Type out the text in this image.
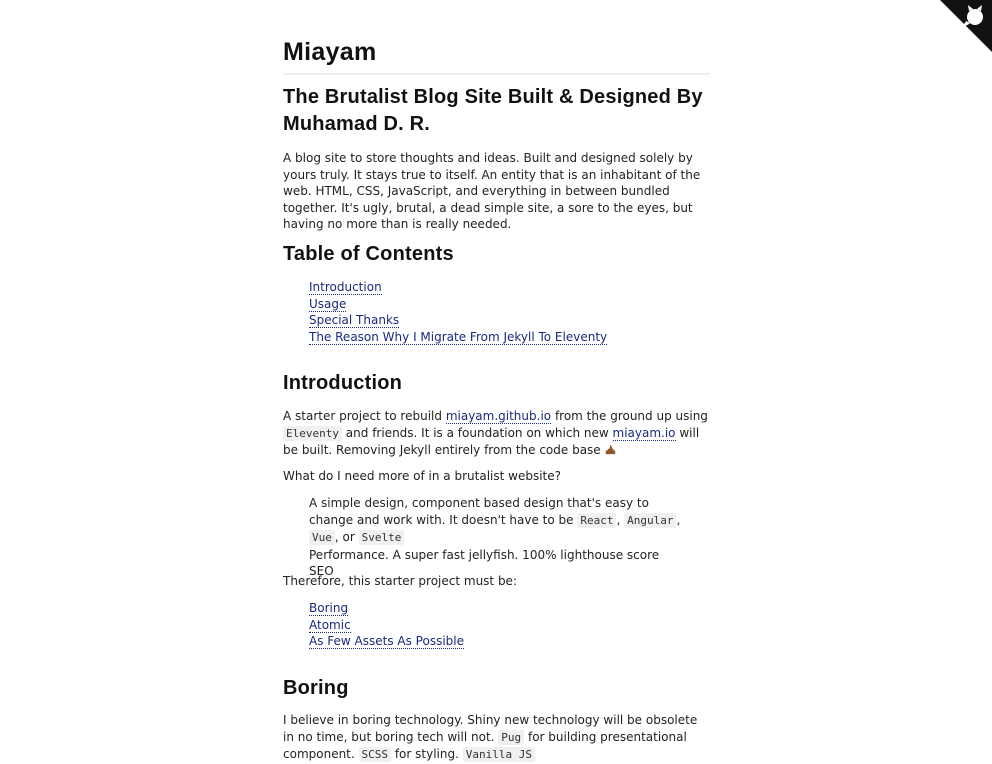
Miayam
The Brutalist Blog Site Built & Designed By Muhamad D. R.

A blog site to store thoughts and ideas. Built and designed solely by yours truly. It stays true to itself. An entity that is an inhabitant of the web. HTML, CSS, JavaScript, and everything in between bundled together. It's ugly, brutal, a dead simple site, a sore to the eyes, but having no more than is really needed.

Table of Contents
Introduction
Usage
Special Thanks
The Reason Why I Migrate From Jekyll To Eleventy
Introduction

A starter project to rebuild miayam.github.io from the ground up using Eleventy and friends. It is a foundation on which new miayam.io will be built. Removing Jekyll entirely from the code base

What do I need more of in a brutalist website?

A simple design, component based design that's easy to change and work with. It doesn't have to be React , Angular , Vue , or Svelte

Performance. A super fast jellyfish. 100% lighthouse score

SEO

Therefore, this starter project must be:

Boring
Atomic
As Few Assets As Possible
Boring

I believe in boring technology. Shiny new technology will be obsolete in no time, but boring tech will not. Pug for building presentational component. SCSS for styling. Vanilla JS
